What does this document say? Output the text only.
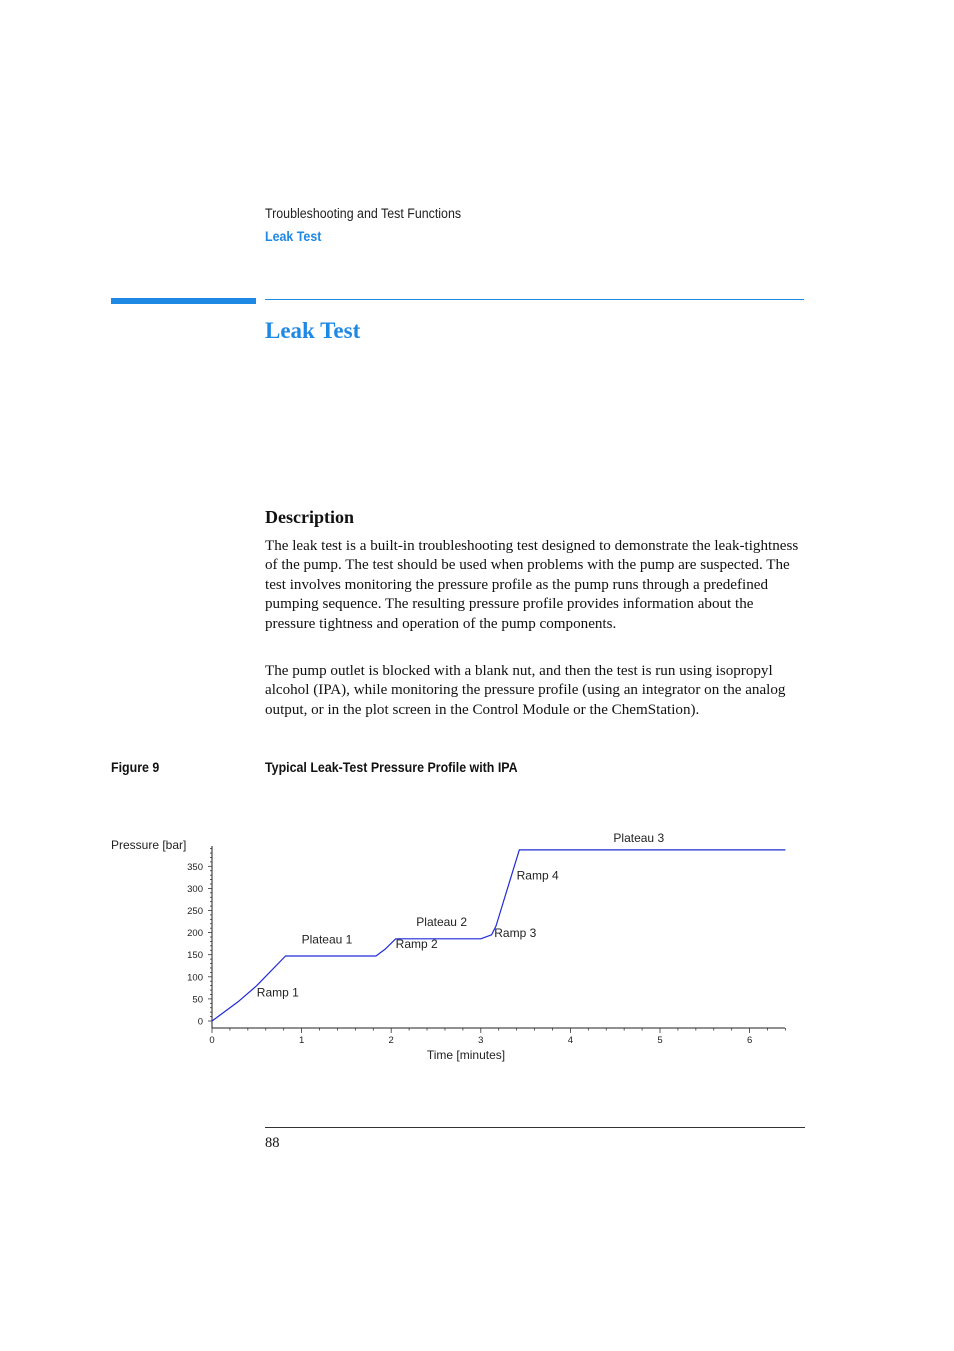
Troubleshooting and Test Functions
Leak Test
Leak Test
Description

The leak test is a built-in troubleshooting test designed to demonstrate the leak-tightness of the pump. The test should be used when problems with the pump are suspected. The test involves monitoring the pressure profile as the pump runs through a predefined pumping sequence. The resulting pressure profile provides information about the pressure tightness and operation of the pump components.

The pump outlet is blocked with a blank nut, and then the test is run using isopropyl alcohol (IPA), while monitoring the pressure profile (using an integrator on the analog output, or in the plot screen in the Control Module or the ChemStation).

Figure 9	Typical Leak-Test Pressure Profile with IPA
Pressure [bar]
Time [minutes]
0
50
100
150
200
250
300
350
0	1	2	3	4	5	6
Ramp 1
Plateau 1	Ramp 2
Plateau 2
Ramp 3
Ramp 4
Plateau 3
88
